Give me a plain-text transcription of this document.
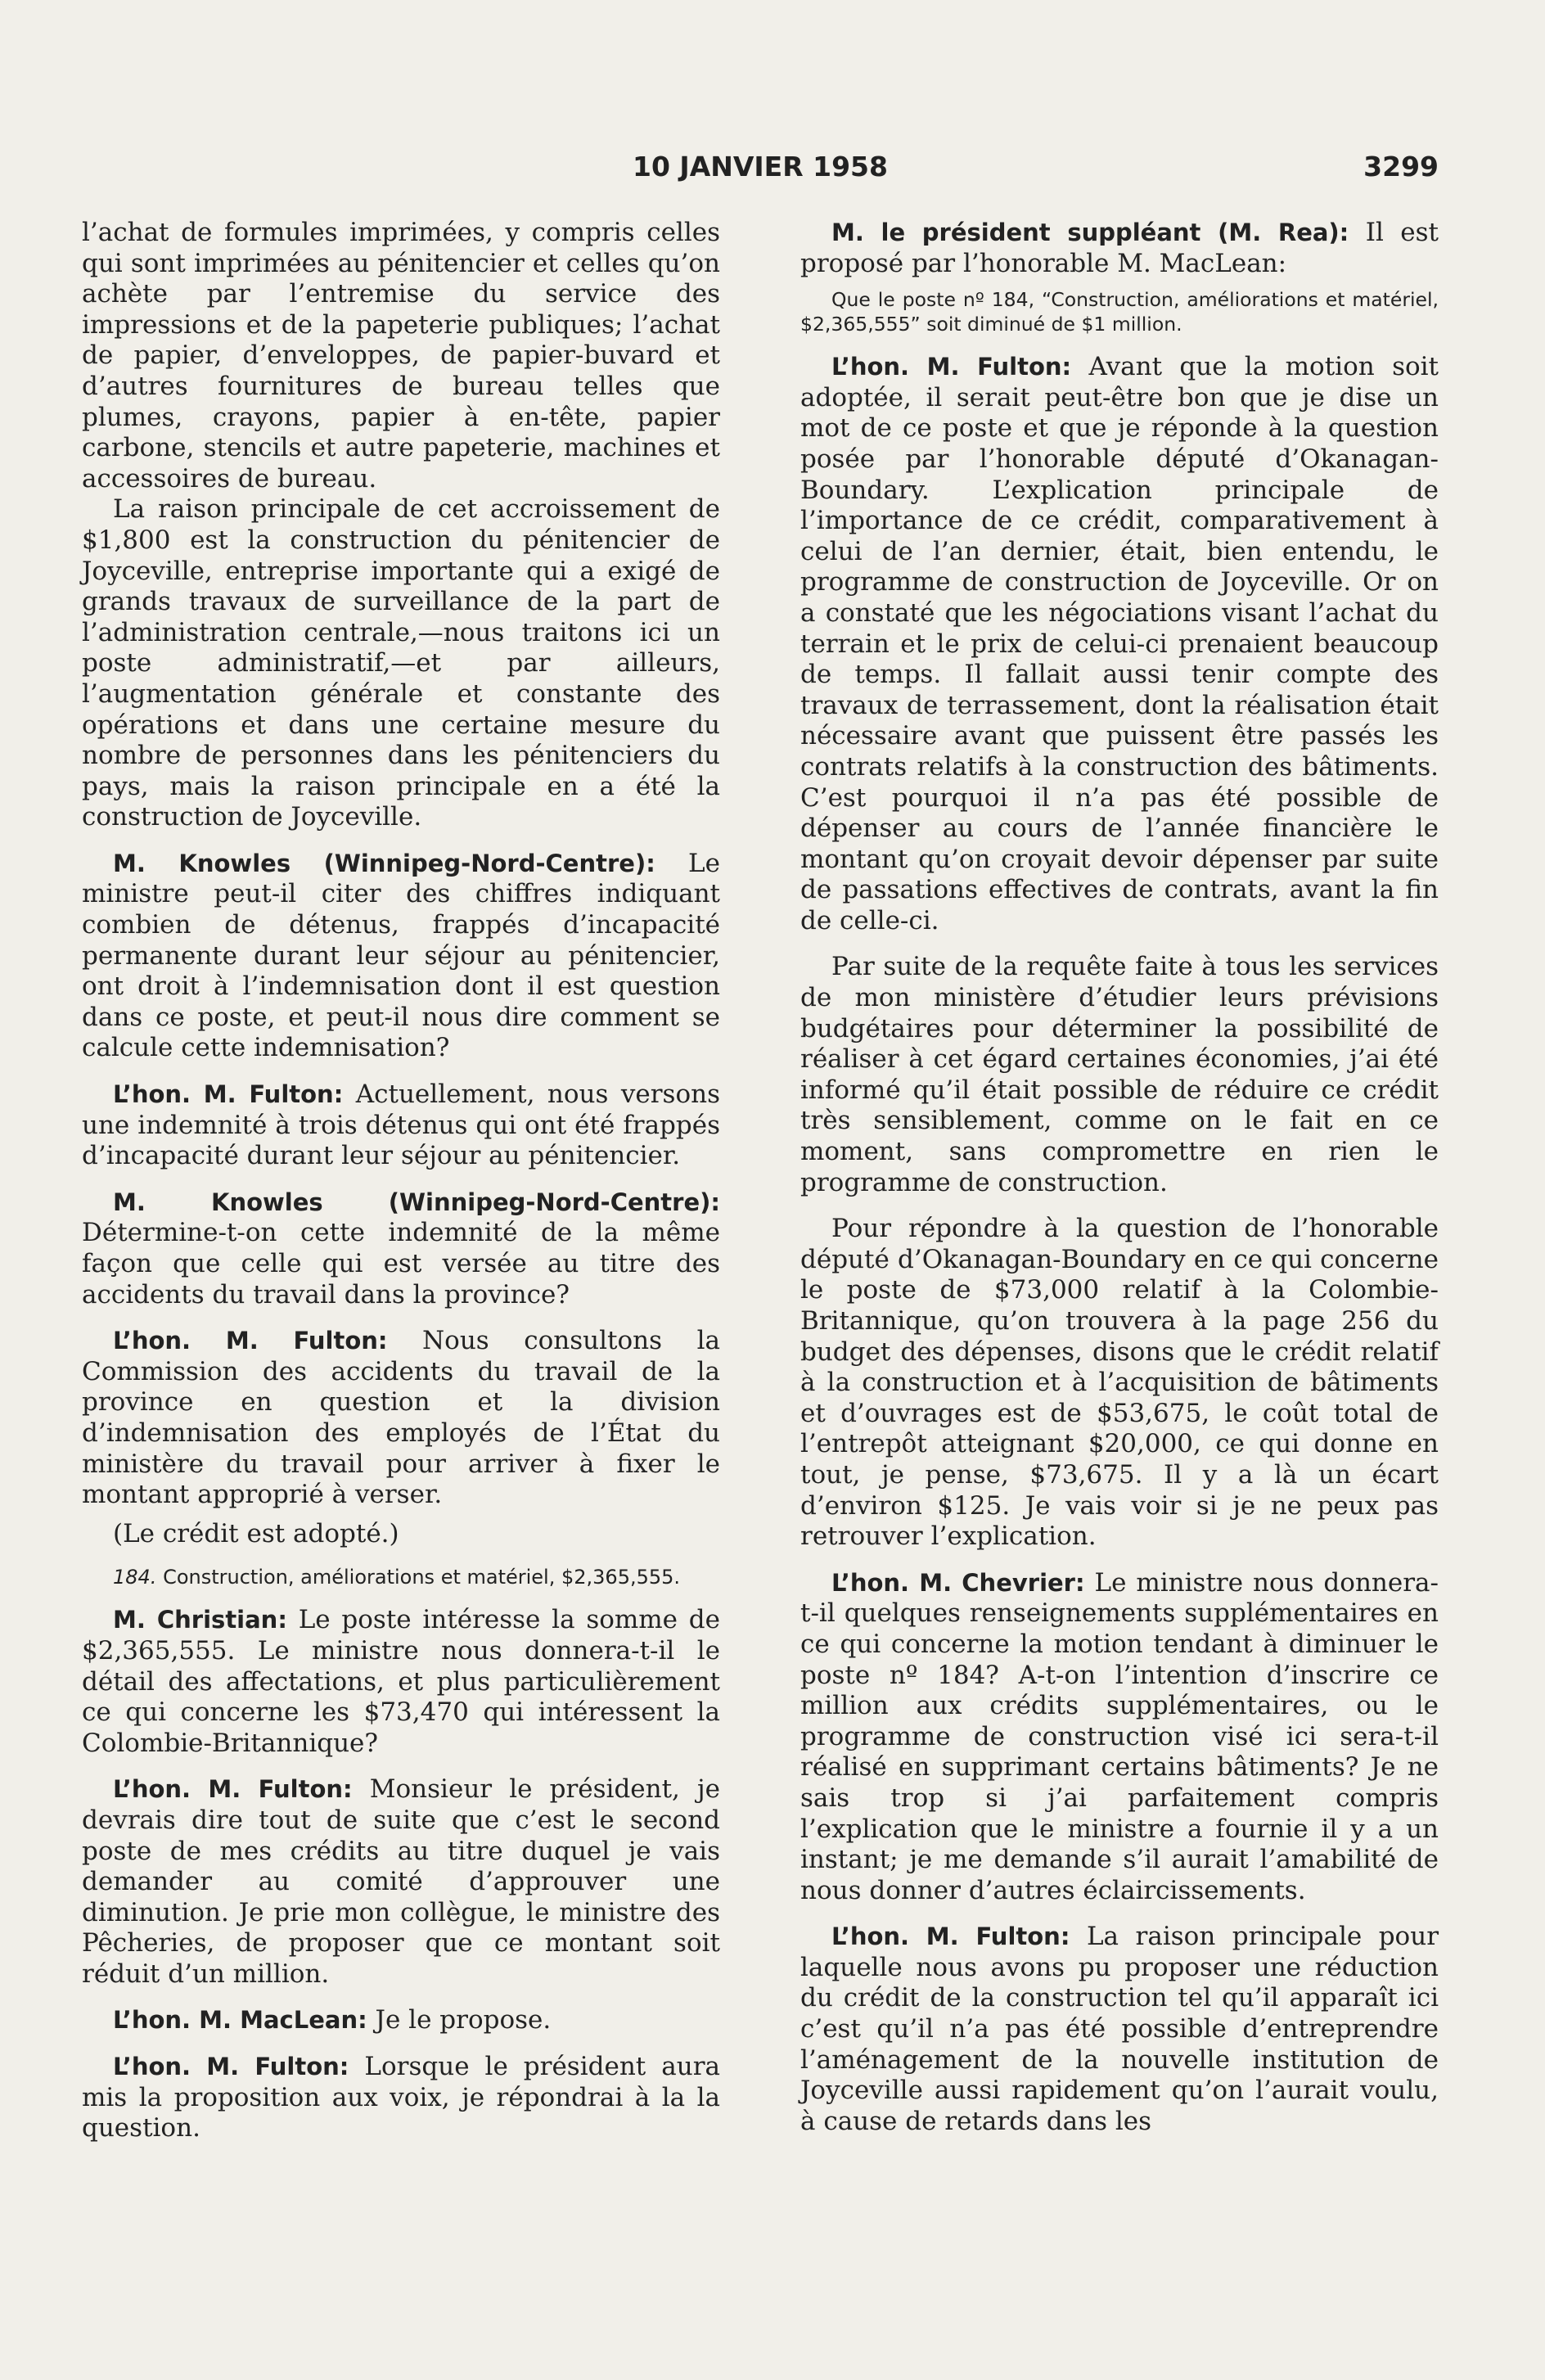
10 JANVIER 1958	3299

l’achat de formules imprimées, y compris celles qui sont imprimées au pénitencier et celles qu’on achète par l’entremise du service des impressions et de la papeterie publiques; l’achat de papier, d’enveloppes, de papier-buvard et d’autres fournitures de bureau telles que plumes, crayons, papier à en-tête, papier carbone, stencils et autre papeterie, machines et accessoires de bureau.

La raison principale de cet accroissement de $1,800 est la construction du pénitencier de Joyceville, entreprise importante qui a exigé de grands travaux de surveillance de la part de l’administration centrale,—nous traitons ici un poste administratif,—et par ailleurs, l’augmentation générale et constante des opérations et dans une certaine mesure du nombre de personnes dans les pénitenciers du pays, mais la raison principale en a été la construction de Joyceville.

M. Knowles (Winnipeg-Nord-Centre): Le ministre peut-il citer des chiffres indiquant combien de détenus, frappés d’incapacité permanente durant leur séjour au pénitencier, ont droit à l’indemnisation dont il est question dans ce poste, et peut-il nous dire comment se calcule cette indemnisation?

L’hon. M. Fulton: Actuellement, nous versons une indemnité à trois détenus qui ont été frappés d’incapacité durant leur séjour au pénitencier.

M. Knowles (Winnipeg-Nord-Centre): Détermine-t-on cette indemnité de la même façon que celle qui est versée au titre des accidents du travail dans la province?

L’hon. M. Fulton: Nous consultons la Commission des accidents du travail de la province en question et la division d’indemnisation des employés de l’État du ministère du travail pour arriver à fixer le montant approprié à verser.

(Le crédit est adopté.)

184. Construction, améliorations et matériel, $2,365,555.

M. Christian: Le poste intéresse la somme de $2,365,555. Le ministre nous donnera-t-il le détail des affectations, et plus particulièrement ce qui concerne les $73,470 qui intéressent la Colombie-Britannique?

L’hon. M. Fulton: Monsieur le président, je devrais dire tout de suite que c’est le second poste de mes crédits au titre duquel je vais demander au comité d’approuver une diminution. Je prie mon collègue, le ministre des Pêcheries, de proposer que ce montant soit réduit d’un million.

L’hon. M. MacLean: Je le propose.

L’hon. M. Fulton: Lorsque le président aura mis la proposition aux voix, je répondrai à la la question.

M. le président suppléant (M. Rea): Il est proposé par l’honorable M. MacLean:

Que le poste nº 184, “Construction, améliorations et matériel, $2,365,555” soit diminué de $1 million.

L’hon. M. Fulton: Avant que la motion soit adoptée, il serait peut-être bon que je dise un mot de ce poste et que je réponde à la question posée par l’honorable député d’Okanagan-Boundary. L’explication principale de l’importance de ce crédit, comparativement à celui de l’an dernier, était, bien entendu, le programme de construction de Joyceville. Or on a constaté que les négociations visant l’achat du terrain et le prix de celui-ci prenaient beaucoup de temps. Il fallait aussi tenir compte des travaux de terrassement, dont la réalisation était nécessaire avant que puissent être passés les contrats relatifs à la construction des bâtiments. C’est pourquoi il n’a pas été possible de dépenser au cours de l’année financière le montant qu’on croyait devoir dépenser par suite de passations effectives de contrats, avant la fin de celle-ci.

Par suite de la requête faite à tous les services de mon ministère d’étudier leurs prévisions budgétaires pour déterminer la possibilité de réaliser à cet égard certaines économies, j’ai été informé qu’il était possible de réduire ce crédit très sensiblement, comme on le fait en ce moment, sans compromettre en rien le programme de construction.

Pour répondre à la question de l’honorable député d’Okanagan-Boundary en ce qui concerne le poste de $73,000 relatif à la Colombie-Britannique, qu’on trouvera à la page 256 du budget des dépenses, disons que le crédit relatif à la construction et à l’acquisition de bâtiments et d’ouvrages est de $53,675, le coût total de l’entrepôt atteignant $20,000, ce qui donne en tout, je pense, $73,675. Il y a là un écart d’environ $125. Je vais voir si je ne peux pas retrouver l’explication.

L’hon. M. Chevrier: Le ministre nous donnera-t-il quelques renseignements supplémentaires en ce qui concerne la motion tendant à diminuer le poste nº 184? A-t-on l’intention d’inscrire ce million aux crédits supplémentaires, ou le programme de construction visé ici sera-t-il réalisé en supprimant certains bâtiments? Je ne sais trop si j’ai parfaitement compris l’explication que le ministre a fournie il y a un instant; je me demande s’il aurait l’amabilité de nous donner d’autres éclaircissements.

L’hon. M. Fulton: La raison principale pour laquelle nous avons pu proposer une réduction du crédit de la construction tel qu’il apparaît ici c’est qu’il n’a pas été possible d’entreprendre l’aménagement de la nouvelle institution de Joyceville aussi rapidement qu’on l’aurait voulu, à cause de retards dans les
